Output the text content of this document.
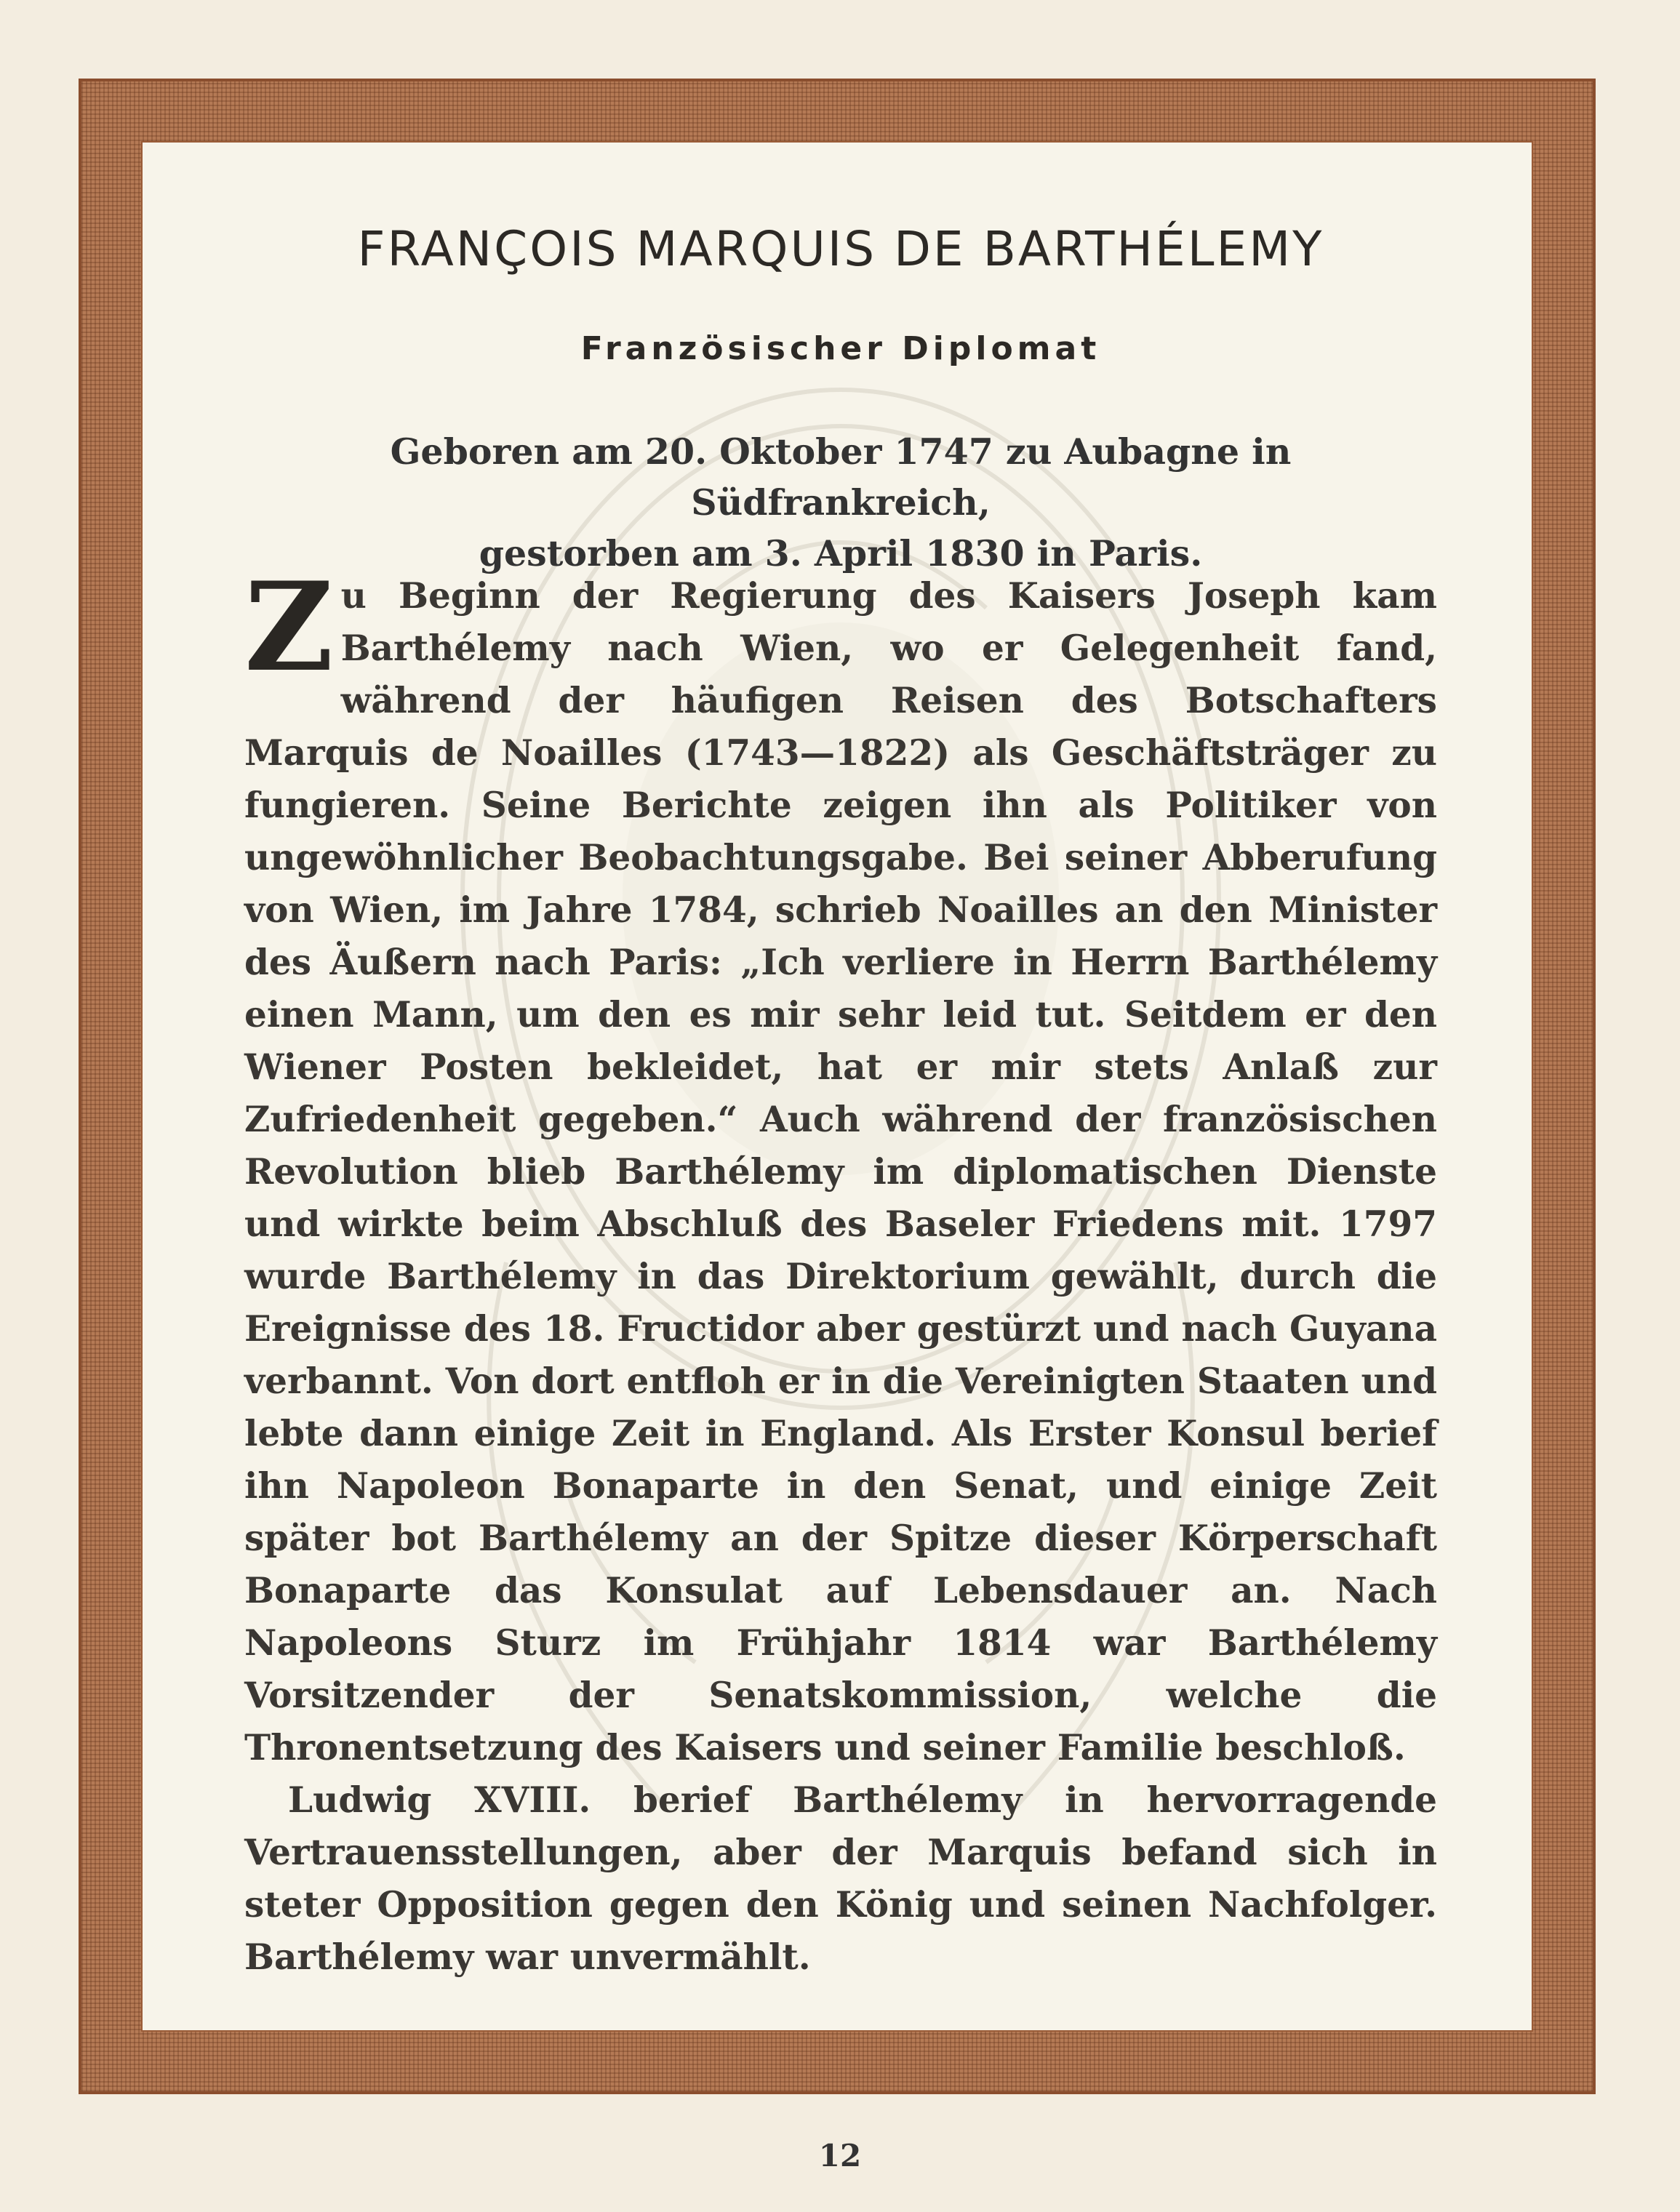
FRANÇOIS MARQUIS DE BARTHÉLEMY
Französischer Diplomat
Geboren am 20. Oktober 1747 zu Aubagne in Südfrankreich,
gestorben am 3. April 1830 in Paris.

Zu Beginn der Regierung des Kaisers Joseph kam Barthélemy nach Wien, wo er Gelegenheit fand, während der häufigen Reisen des Botschafters Marquis de Noailles (1743—1822) als Geschäftsträger zu fungieren. Seine Berichte zeigen ihn als Politiker von ungewöhnlicher Beobachtungsgabe. Bei seiner Abberufung von Wien, im Jahre 1784, schrieb Noailles an den Minister des Äußern nach Paris: „Ich verliere in Herrn Barthélemy einen Mann, um den es mir sehr leid tut. Seitdem er den Wiener Posten bekleidet, hat er mir stets Anlaß zur Zufriedenheit gegeben.“ Auch während der französischen Revolution blieb Barthélemy im diplomatischen Dienste und wirkte beim Abschluß des Baseler Friedens mit. 1797 wurde Barthélemy in das Direktorium gewählt, durch die Ereignisse des 18. Fructidor aber gestürzt und nach Guyana verbannt. Von dort entfloh er in die Vereinigten Staaten und lebte dann einige Zeit in England. Als Erster Konsul berief ihn Napoleon Bonaparte in den Senat, und einige Zeit später bot Barthélemy an der Spitze dieser Körperschaft Bonaparte das Konsulat auf Lebensdauer an. Nach Napoleons Sturz im Frühjahr 1814 war Barthélemy Vorsitzender der Senatskommission, welche die Thronentsetzung des Kaisers und seiner Familie beschloß.

Ludwig XVIII. berief Barthélemy in hervorragende Vertrauensstellungen, aber der Marquis befand sich in steter Opposition gegen den König und seinen Nachfolger. Barthélemy war unvermählt.

12
